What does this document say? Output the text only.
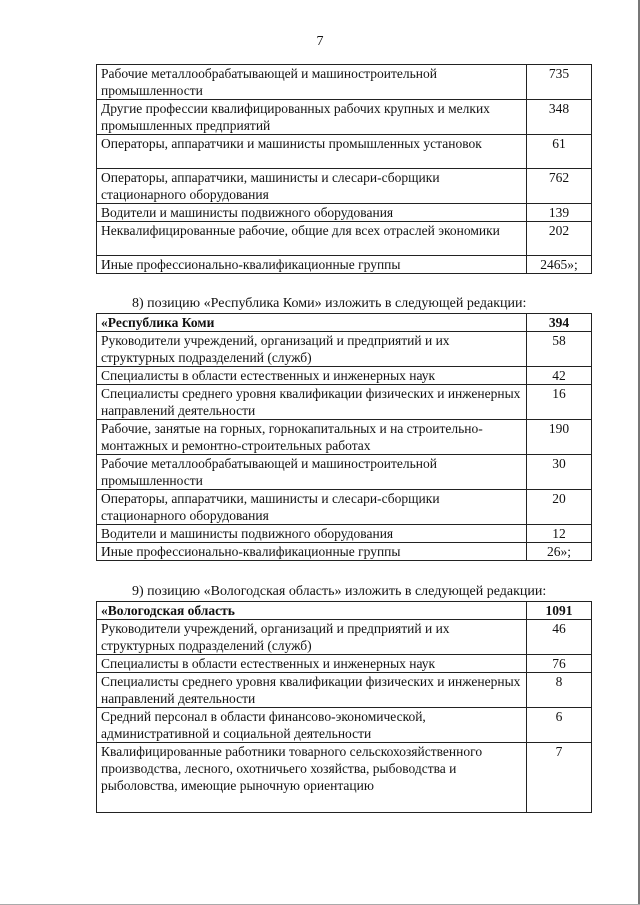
7
Рабочие металлообрабатывающей и машиностроительной промышленности	735
Другие профессии квалифицированных рабочих крупных и мелких промышленных предприятий	348
Операторы, аппаратчики и машинисты промышленных установок	61
Операторы, аппаратчики, машинисты и слесари-сборщики стационарного оборудования	762
Водители и машинисты подвижного оборудования	139
Неквалифицированные рабочие, общие для всех отраслей экономики	202
Иные профессионально-квалификационные группы	2465»;
8) позицию «Республика Коми» изложить в следующей редакции:
«Республика Коми	394
Руководители учреждений, организаций и предприятий и их структурных подразделений (служб)	58
Специалисты в области естественных и инженерных наук	42
Специалисты среднего уровня квалификации физических и инженерных направлений деятельности	16
Рабочие, занятые на горных, горнокапитальных и на строительно-монтажных и ремонтно-строительных работах	190
Рабочие металлообрабатывающей и машиностроительной промышленности	30
Операторы, аппаратчики, машинисты и слесари-сборщики стационарного оборудования	20
Водители и машинисты подвижного оборудования	12
Иные профессионально-квалификационные группы	26»;
9) позицию «Вологодская область» изложить в следующей редакции:
«Вологодская область	1091
Руководители учреждений, организаций и предприятий и их структурных подразделений (служб)	46
Специалисты в области естественных и инженерных наук	76
Специалисты среднего уровня квалификации физических и инженерных направлений деятельности	8
Средний персонал в области финансово-экономической, административной и социальной деятельности	6
Квалифицированные работники товарного сельскохозяйственного производства, лесного, охотничьего хозяйства, рыбоводства и рыболовства, имеющие рыночную ориентацию	7
